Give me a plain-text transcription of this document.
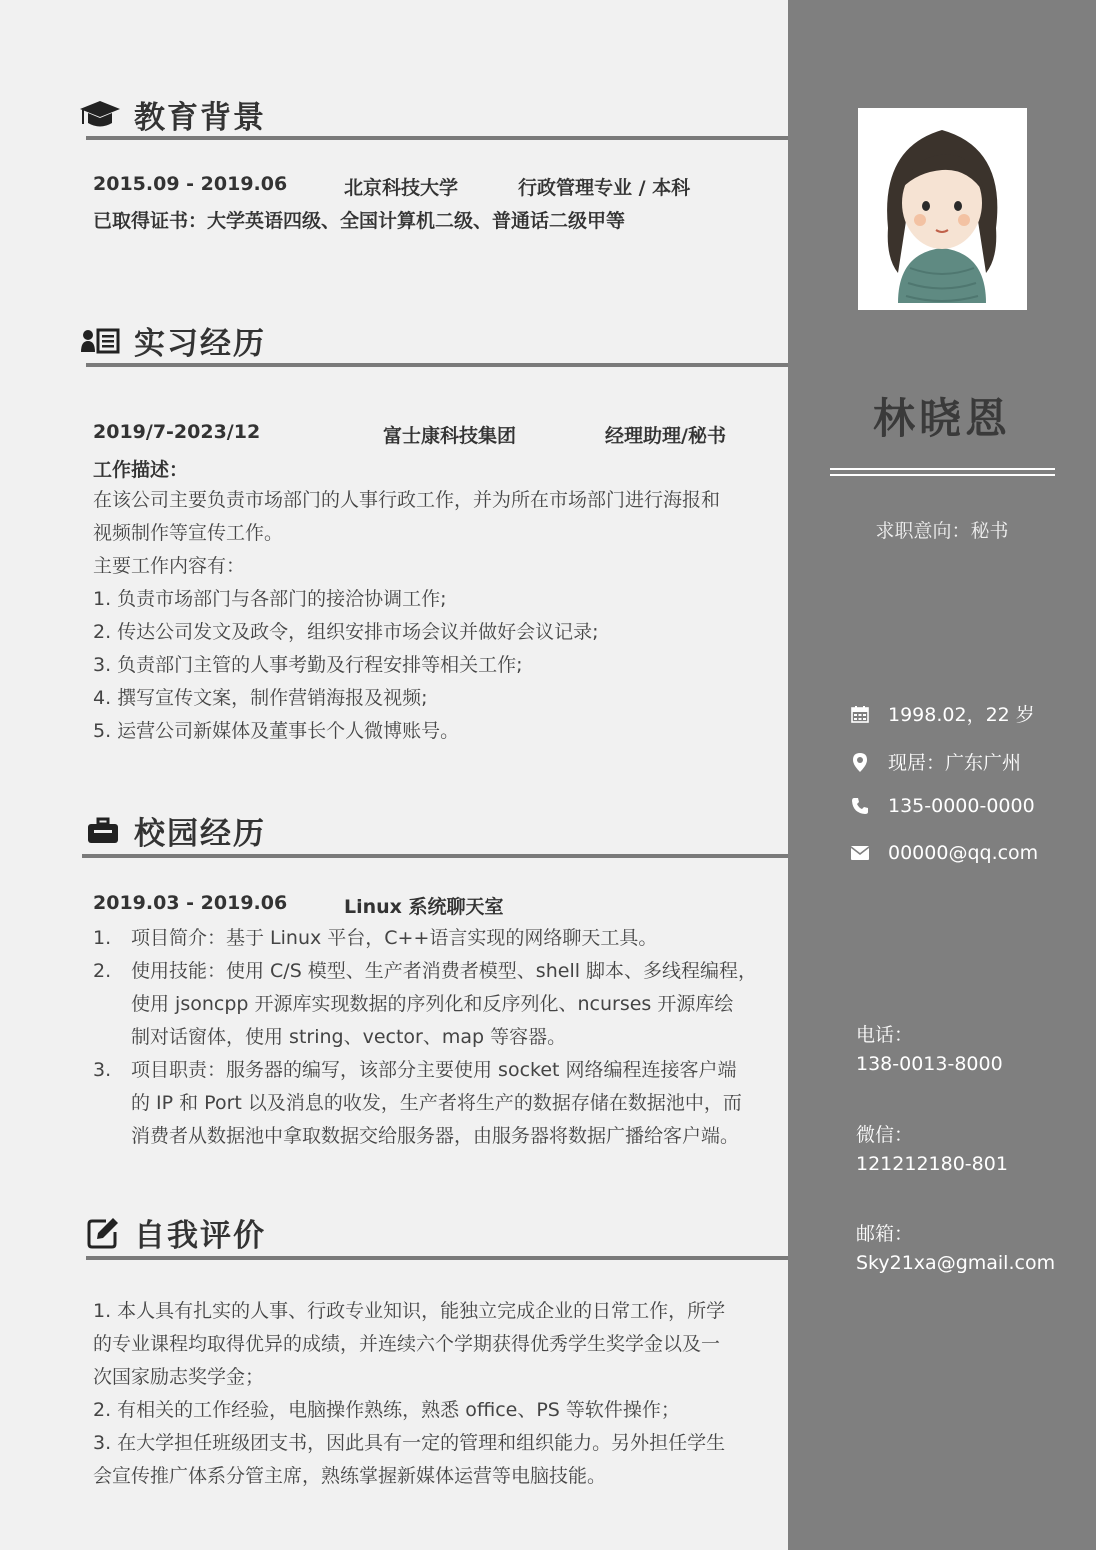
教育背景
2015.09 - 2019.06	北京科技大学	行政管理专业 / 本科
已取得证书：大学英语四级、全国计算机二级、普通话二级甲等
实习经历
2019/7-2023/12	富士康科技集团	经理助理/秘书
工作描述：
在该公司主要负责市场部门的人事行政工作，并为所在市场部门进行海报和
视频制作等宣传工作。
主要工作内容有：
1. 负责市场部门与各部门的接洽协调工作;
2. 传达公司发文及政令，组织安排市场会议并做好会议记录;
3. 负责部门主管的人事考勤及行程安排等相关工作;
4. 撰写宣传文案，制作营销海报及视频;
5. 运营公司新媒体及董事长个人微博账号。
校园经历
2019.03 - 2019.06	Linux 系统聊天室
1. 项目简介：基于 Linux 平台，C++语言实现的网络聊天工具。
2. 使用技能：使用 C/S 模型、生产者消费者模型、shell 脚本、多线程编程，
使用 jsoncpp 开源库实现数据的序列化和反序列化、ncurses 开源库绘
制对话窗体，使用 string、vector、map 等容器。
3. 项目职责：服务器的编写，该部分主要使用 socket 网络编程连接客户端
的 IP 和 Port 以及消息的收发，生产者将生产的数据存储在数据池中，而
消费者从数据池中拿取数据交给服务器，由服务器将数据广播给客户端。
自我评价
1. 本人具有扎实的人事、行政专业知识，能独立完成企业的日常工作，所学
的专业课程均取得优异的成绩，并连续六个学期获得优秀学生奖学金以及一
次国家励志奖学金；
2. 有相关的工作经验，电脑操作熟练，熟悉 office、PS 等软件操作；
3. 在大学担任班级团支书，因此具有一定的管理和组织能力。另外担任学生
会宣传推广体系分管主席，熟练掌握新媒体运营等电脑技能。
林晓恩
求职意向：秘书
1998.02，22 岁
现居：广东广州
135-0000-0000
00000@qq.com
电话：
138-0013-8000
微信：
121212180-801
邮箱：
Sky21xa@gmail.com
